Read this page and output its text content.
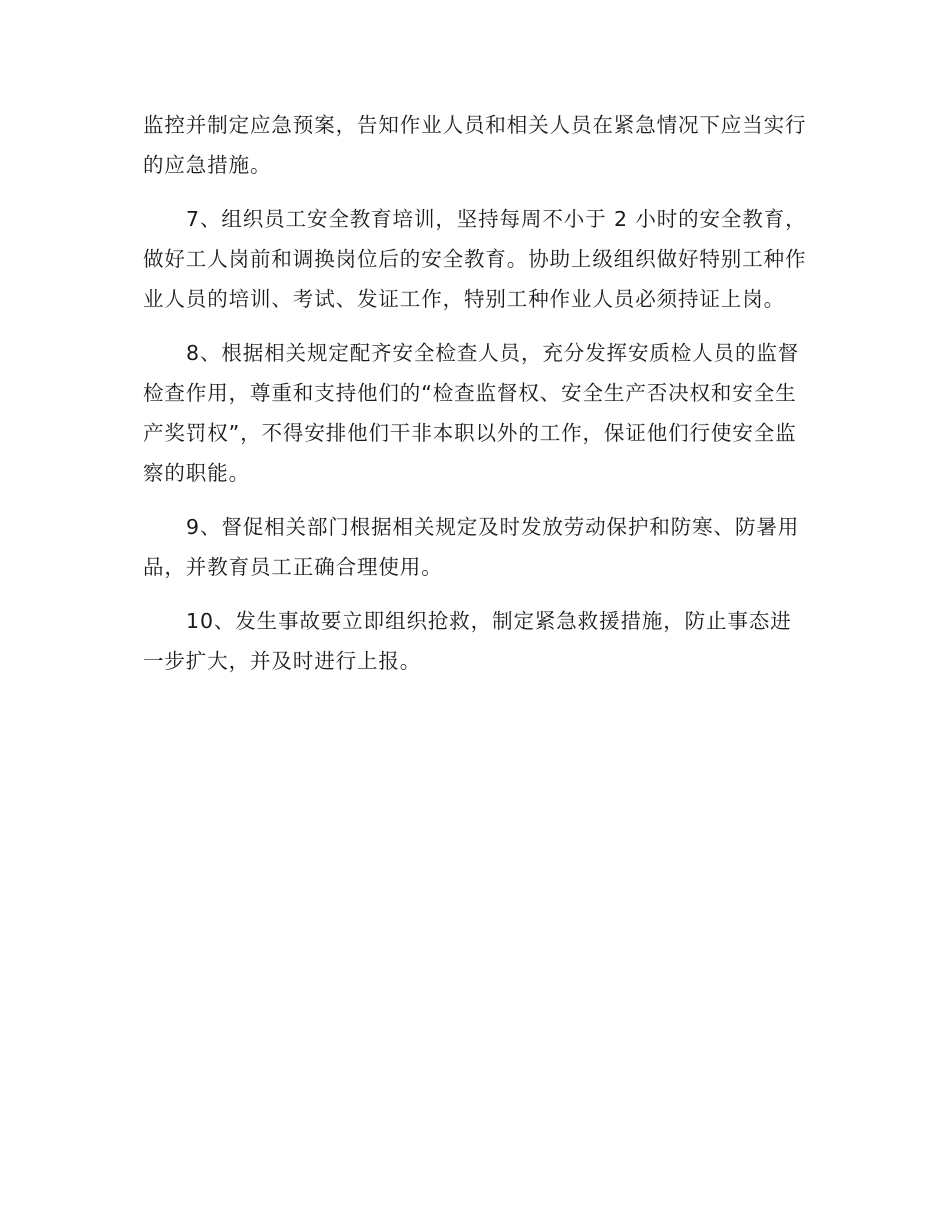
监控并制定应急预案，告知作业人员和相关人员在紧急情况下应当实行的应急措施。

7、组织员工安全教育培训，坚持每周不小于 2 小时的安全教育，做好工人岗前和调换岗位后的安全教育。协助上级组织做好特别工种作业人员的培训、考试、发证工作，特别工种作业人员必须持证上岗。

8、根据相关规定配齐安全检查人员，充分发挥安质检人员的监督检查作用，尊重和支持他们的“检查监督权、安全生产否决权和安全生产奖罚权”，不得安排他们干非本职以外的工作，保证他们行使安全监察的职能。

9、督促相关部门根据相关规定及时发放劳动保护和防寒、防暑用品，并教育员工正确合理使用。

10、发生事故要立即组织抢救，制定紧急救援措施，防止事态进一步扩大，并及时进行上报。
